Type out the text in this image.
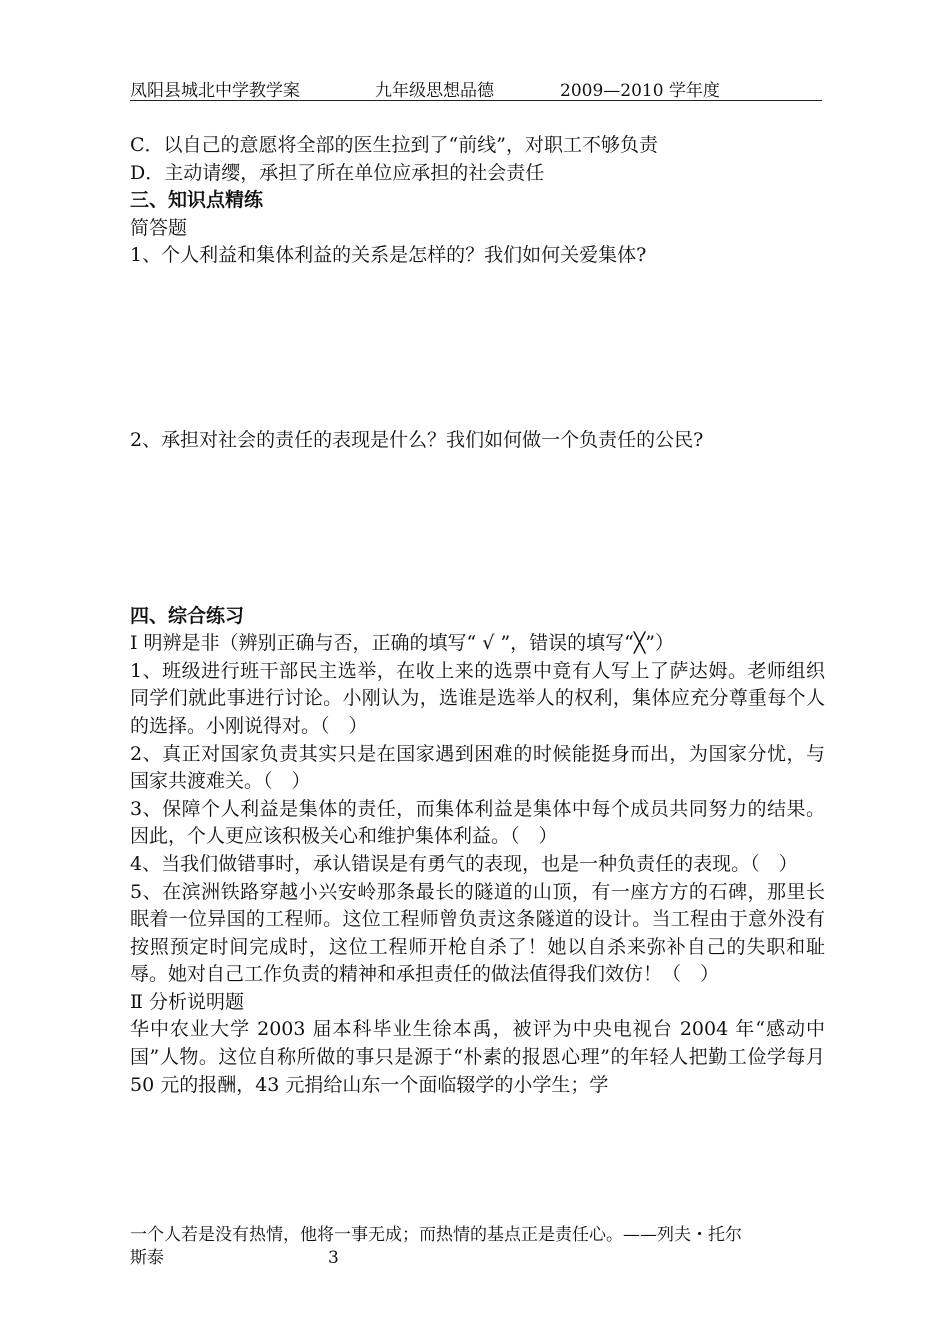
凤阳县城北中学教学案	九年级思想品德	2009—2010 学年度
C．以自己的意愿将全部的医生拉到了“前线”，对职工不够负责
D．主动请缨，承担了所在单位应承担的社会责任
三、知识点精练
简答题
1、个人利益和集体利益的关系是怎样的？我们如何关爱集体?
2、承担对社会的责任的表现是什么？我们如何做一个负责任的公民?
四、综合练习
Ⅰ 明辨是非（辨别正确与否，正确的填写“ √ ”，错误的填写“╳”）
1、班级进行班干部民主选举，在收上来的选票中竟有人写上了萨达姆。老师组织同学们就此事进行讨论。小刚认为，选谁是选举人的权利，集体应充分尊重每个人的选择。小刚说得对。（　）
2、真正对国家负责其实只是在国家遇到困难的时候能挺身而出，为国家分忧，与国家共渡难关。（　）
3、保障个人利益是集体的责任，而集体利益是集体中每个成员共同努力的结果。因此，个人更应该积极关心和维护集体利益。（　）
4、当我们做错事时，承认错误是有勇气的表现，也是一种负责任的表现。（　）
5、在滨洲铁路穿越小兴安岭那条最长的隧道的山顶，有一座方方的石碑，那里长眠着一位异国的工程师。这位工程师曾负责这条隧道的设计。当工程由于意外没有按照预定时间完成时，这位工程师开枪自杀了！她以自杀来弥补自己的失职和耻辱。她对自己工作负责的精神和承担责任的做法值得我们效仿！（　）
Ⅱ 分析说明题
华中农业大学 2003 届本科毕业生徐本禹，被评为中央电视台 2004 年“感动中国”人物。这位自称所做的事只是源于“朴素的报恩心理”的年轻人把勤工俭学每月 50 元的报酬，43 元捐给山东一个面临辍学的小学生；学
一个人若是没有热情，他将一事无成；而热情的基点正是责任心。——列夫・托尔
斯泰	3
